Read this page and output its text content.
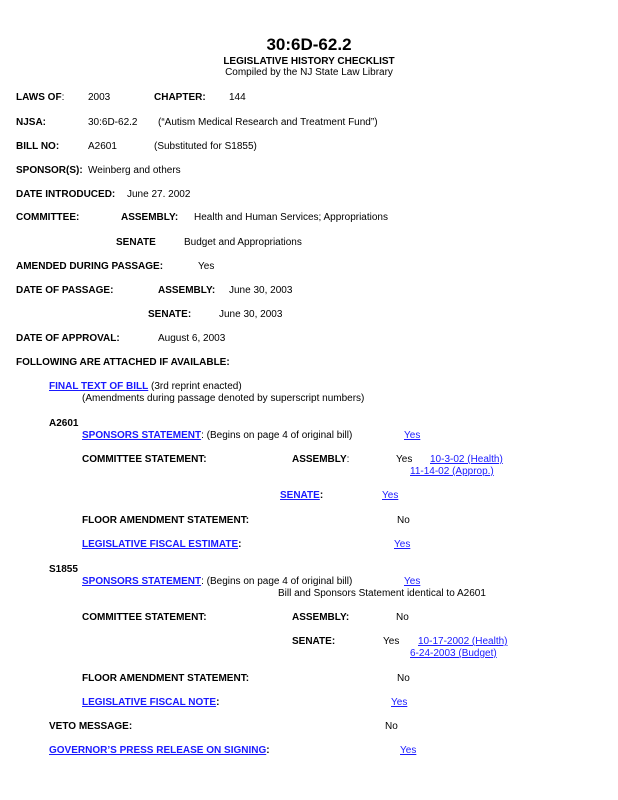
30:6D-62.2
LEGISLATIVE HISTORY CHECKLIST
Compiled by the NJ State Law Library
LAWS OF: 2003	CHAPTER: 144
NJSA:	30:6D-62.2 (“Autism Medical Research and Treatment Fund”)
BILL NO:	A2601	(Substituted for S1855)
SPONSOR(S): Weinberg and others
DATE INTRODUCED: June 27. 2002
COMMITTEE:	ASSEMBLY: Health and Human Services; Appropriations
SENATE	Budget and Appropriations
AMENDED DURING PASSAGE:	Yes
DATE OF PASSAGE:	ASSEMBLY: June 30, 2003
SENATE:	June 30, 2003
DATE OF APPROVAL:	August 6, 2003
FOLLOWING ARE ATTACHED IF AVAILABLE:
FINAL TEXT OF BILL (3rd reprint enacted)
(Amendments during passage denoted by superscript numbers)
A2601
SPONSORS STATEMENT: (Begins on page 4 of original bill)	Yes
COMMITTEE STATEMENT:	ASSEMBLY:	Yes 10-3-02 (Health)
11-14-02 (Approp.)
SENATE:	Yes
FLOOR AMENDMENT STATEMENT:	No
LEGISLATIVE FISCAL ESTIMATE:	Yes
S1855
SPONSORS STATEMENT: (Begins on page 4 of original bill)	Yes
Bill and Sponsors Statement identical to A2601
COMMITTEE STATEMENT:	ASSEMBLY:	No
SENATE:	Yes 10-17-2002 (Health)
6-24-2003 (Budget)
FLOOR AMENDMENT STATEMENT:	No
LEGISLATIVE FISCAL NOTE:	Yes
VETO MESSAGE:	No
GOVERNOR’S PRESS RELEASE ON SIGNING:	Yes
